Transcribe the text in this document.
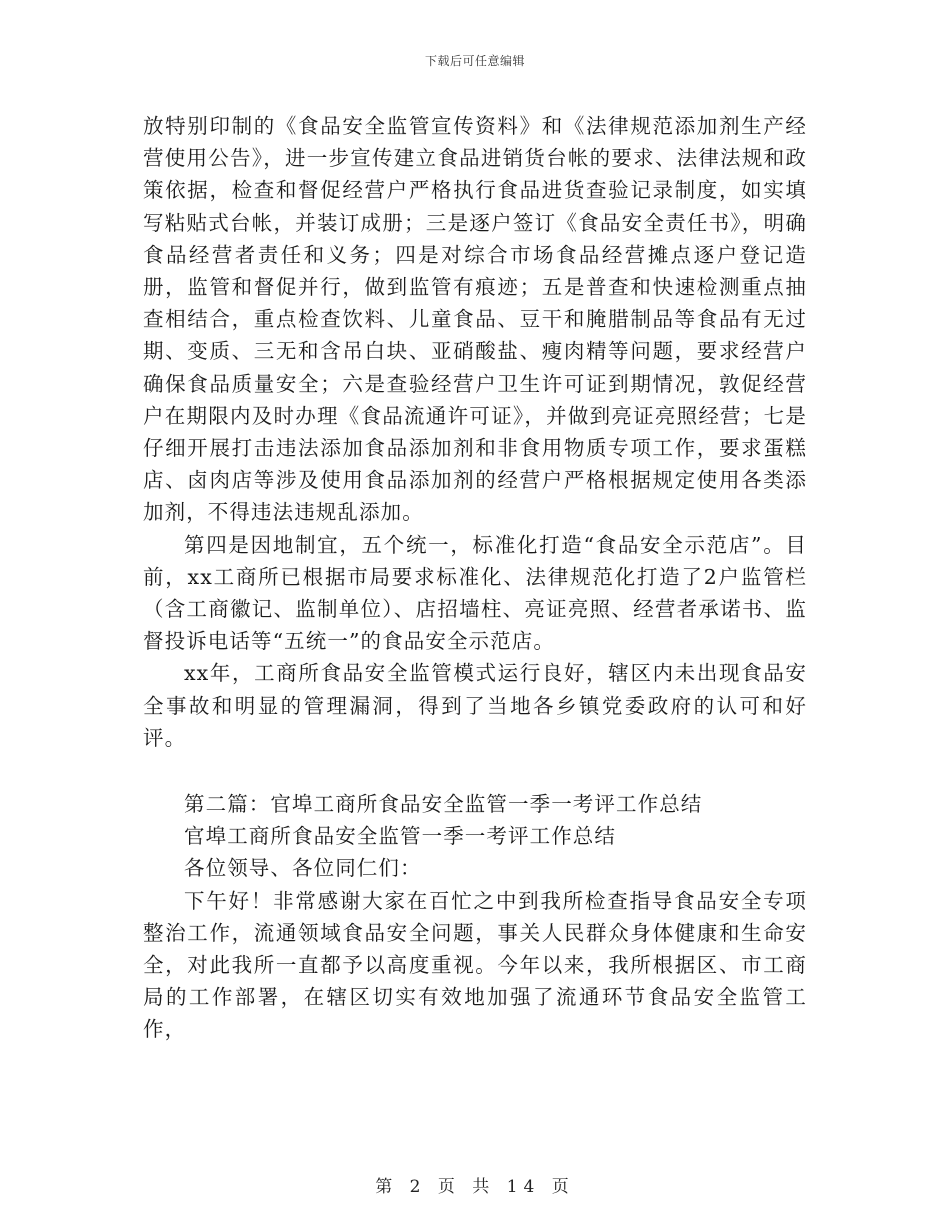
下载后可任意编辑

放特别印制的《食品安全监管宣传资料》和《法律规范添加剂生产经营使用公告》，进一步宣传建立食品进销货台帐的要求、法律法规和政策依据，检查和督促经营户严格执行食品进货查验记录制度，如实填写粘贴式台帐，并装订成册；三是逐户签订《食品安全责任书》，明确食品经营者责任和义务；四是对综合市场食品经营摊点逐户登记造册，监管和督促并行，做到监管有痕迹；五是普查和快速检测重点抽查相结合，重点检查饮料、儿童食品、豆干和腌腊制品等食品有无过期、变质、三无和含吊白块、亚硝酸盐、瘦肉精等问题，要求经营户确保食品质量安全；六是查验经营户卫生许可证到期情况，敦促经营户在期限内及时办理《食品流通许可证》，并做到亮证亮照经营；七是仔细开展打击违法添加食品添加剂和非食用物质专项工作，要求蛋糕店、卤肉店等涉及使用食品添加剂的经营户严格根据规定使用各类添加剂，不得违法违规乱添加。

第四是因地制宜，五个统一，标准化打造“食品安全示范店”。目前，xx工商所已根据市局要求标准化、法律规范化打造了2户监管栏（含工商徽记、监制单位）、店招墙柱、亮证亮照、经营者承诺书、监督投诉电话等“五统一”的食品安全示范店。

xx年，工商所食品安全监管模式运行良好，辖区内未出现食品安全事故和明显的管理漏洞，得到了当地各乡镇党委政府的认可和好评。

第二篇：官埠工商所食品安全监管一季一考评工作总结

官埠工商所食品安全监管一季一考评工作总结

各位领导、各位同仁们：

下午好！非常感谢大家在百忙之中到我所检查指导食品安全专项整治工作，流通领域食品安全问题，事关人民群众身体健康和生命安全，对此我所一直都予以高度重视。今年以来，我所根据区、市工商局的工作部署，在辖区切实有效地加强了流通环节食品安全监管工作，

第 2 页 共 14 页
